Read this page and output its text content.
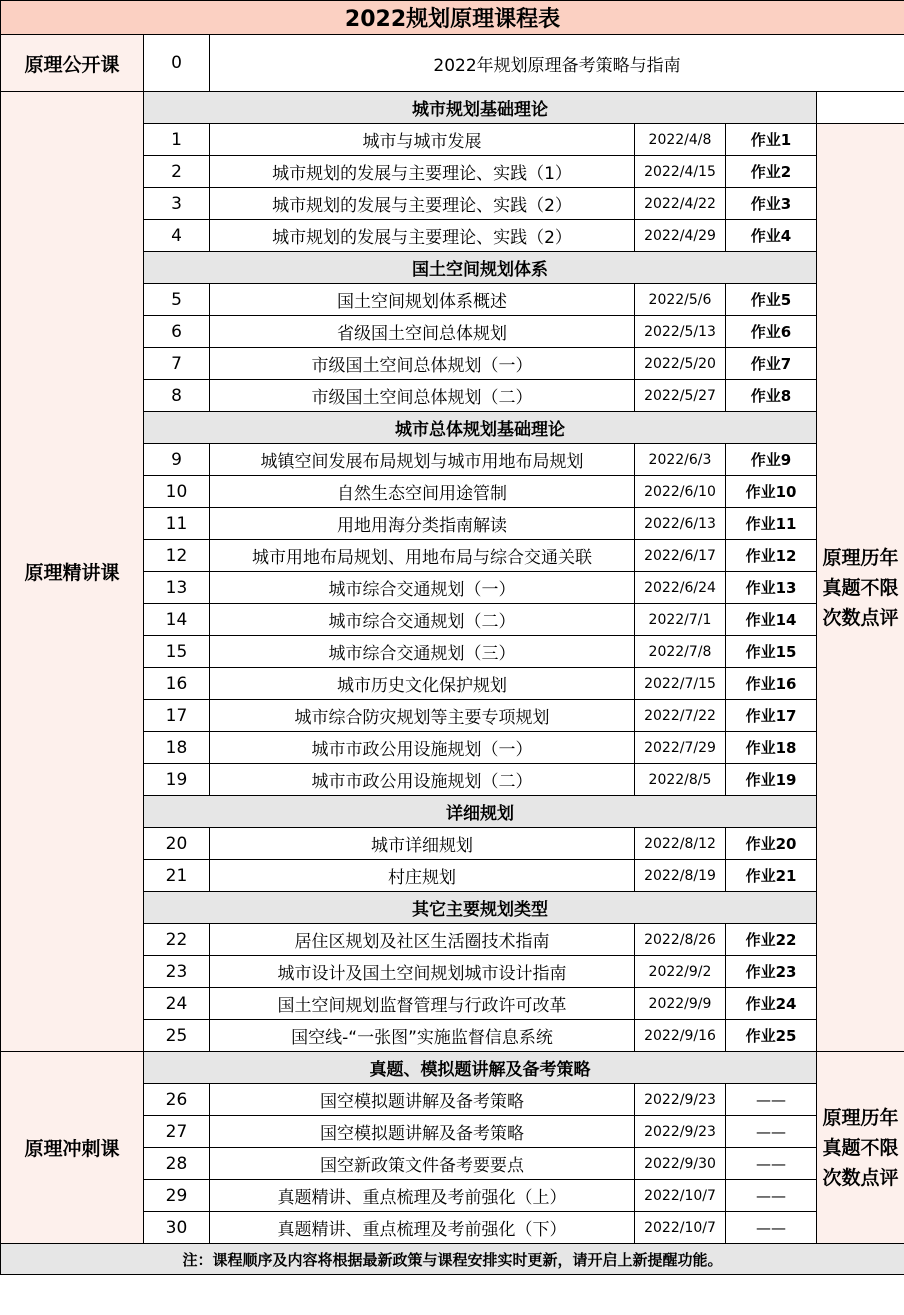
2022规划原理课程表					
原理公开课	0	2022年规划原理备考策略与指南			
原理精讲课	城市规划基础理论				
	1	城市与城市发展	2022/4/8	作业1	原理历年真题不限次数点评
	2	城市规划的发展与主要理论、实践（1）	2022/4/15	作业2	
	3	城市规划的发展与主要理论、实践（2）	2022/4/22	作业3	
	4	城市规划的发展与主要理论、实践（2）	2022/4/29	作业4	
	国土空间规划体系				
	5	国土空间规划体系概述	2022/5/6	作业5	
	6	省级国土空间总体规划	2022/5/13	作业6	
	7	市级国土空间总体规划（一）	2022/5/20	作业7	
	8	市级国土空间总体规划（二）	2022/5/27	作业8	
	城市总体规划基础理论				
	9	城镇空间发展布局规划与城市用地布局规划	2022/6/3	作业9	
	10	自然生态空间用途管制	2022/6/10	作业10	
	11	用地用海分类指南解读	2022/6/13	作业11	
	12	城市用地布局规划、用地布局与综合交通关联	2022/6/17	作业12	
	13	城市综合交通规划（一）	2022/6/24	作业13	
	14	城市综合交通规划（二）	2022/7/1	作业14	
	15	城市综合交通规划（三）	2022/7/8	作业15	
	16	城市历史文化保护规划	2022/7/15	作业16	
	17	城市综合防灾规划等主要专项规划	2022/7/22	作业17	
	18	城市市政公用设施规划（一）	2022/7/29	作业18	
	19	城市市政公用设施规划（二）	2022/8/5	作业19	
	详细规划				
	20	城市详细规划	2022/8/12	作业20	
	21	村庄规划	2022/8/19	作业21	
	其它主要规划类型				
	22	居住区规划及社区生活圈技术指南	2022/8/26	作业22	
	23	城市设计及国土空间规划城市设计指南	2022/9/2	作业23	
	24	国土空间规划监督管理与行政许可改革	2022/9/9	作业24	
	25	国空线-“一张图”实施监督信息系统	2022/9/16	作业25	
原理冲刺课	真题、模拟题讲解及备考策略				原理历年真题不限次数点评
	26	国空模拟题讲解及备考策略	2022/9/23	——	
	27	国空模拟题讲解及备考策略	2022/9/23	——	
	28	国空新政策文件备考要要点	2022/9/30	——	
	29	真题精讲、重点梳理及考前强化（上）	2022/10/7	——	
	30	真题精讲、重点梳理及考前强化（下）	2022/10/7	——	
注：课程顺序及内容将根据最新政策与课程安排实时更新，请开启上新提醒功能。					
